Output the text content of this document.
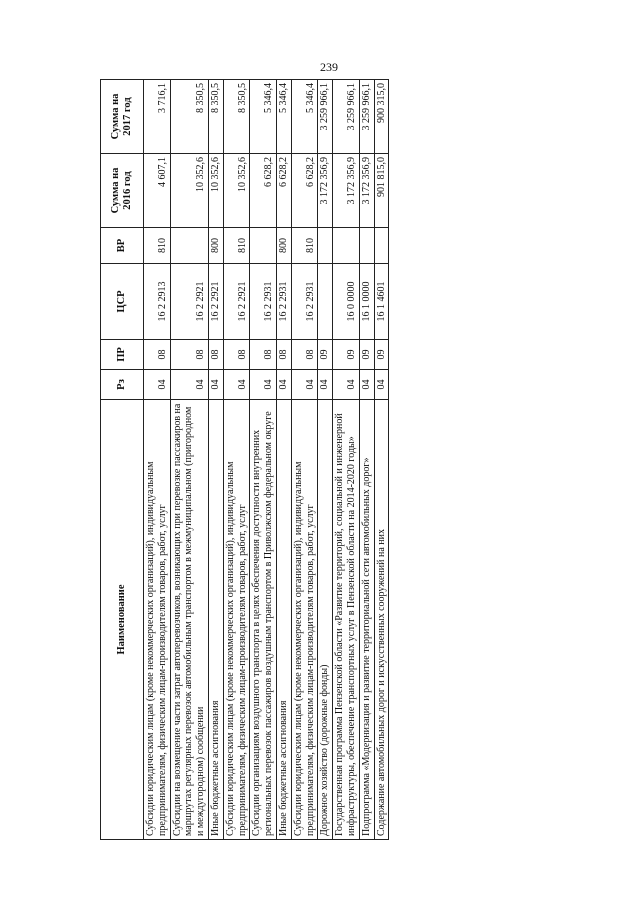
239
Наименование	Рз	ПР	ЦСР	ВР	Сумма на 2016 год	Сумма на 2017 год
Субсидии юридическим лицам (кроме некоммерческих организаций), индивидуальным предпринимателям, физическим лицам-производителям товаров, работ, услуг	04	08	16 2 2913	810	4 607,1	3 716,1
Субсидии на возмещение части затрат автоперевозчиков, возникающих при перевозке пассажиров на маршрутах регулярных перевозок автомобильным транспортом в межмуниципальном (пригородном и междугородном) сообщении	04	08	16 2 2921		10 352,6	8 350,5
Иные бюджетные ассигнования	04	08	16 2 2921	800	10 352,6	8 350,5
Субсидии юридическим лицам (кроме некоммерческих организаций), индивидуальным предпринимателям, физическим лицам-производителям товаров, работ, услуг	04	08	16 2 2921	810	10 352,6	8 350,5
Субсидии организациям воздушного транспорта в целях обеспечения доступности внутренних региональных перевозок пассажиров воздушным транспортом в Приволжском федеральном округе	04	08	16 2 2931		6 628,2	5 346,4
Иные бюджетные ассигнования	04	08	16 2 2931	800	6 628,2	5 346,4
Субсидии юридическим лицам (кроме некоммерческих организаций), индивидуальным предпринимателям, физическим лицам-производителям товаров, работ, услуг	04	08	16 2 2931	810	6 628,2	5 346,4
Дорожное хозяйство (дорожные фонды)	04	09			3 172 356,9	3 259 966,1
Государственная программа Пензенской области «Развитие территорий, социальной и инженерной инфраструктуры, обеспечение транспортных услуг в Пензенской области на 2014-2020 годы»	04	09	16 0 0000		3 172 356,9	3 259 966,1
Подпрограмма «Модернизация и развитие территориальной сети автомобильных дорог»	04	09	16 1 0000		3 172 356,9	3 259 966,1
Содержание автомобильных дорог и искусственных сооружений на них	04	09	16 1 4601		901 815,0	900 315,0
